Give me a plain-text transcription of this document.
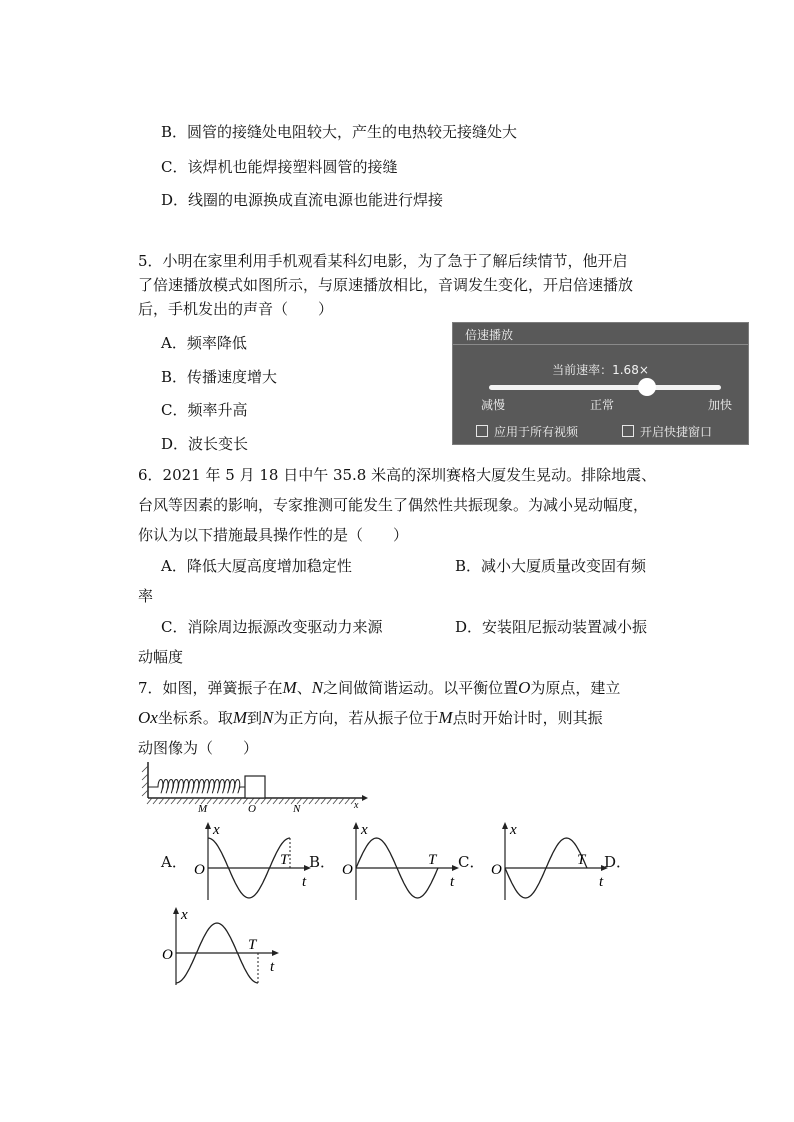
B．圆管的接缝处电阻较大，产生的电热较无接缝处大
C．该焊机也能焊接塑料圆管的接缝
D．线圈的电源换成直流电源也能进行焊接
5．小明在家里利用手机观看某科幻电影，为了急于了解后续情节，他开启
了倍速播放模式如图所示，与原速播放相比，音调发生变化，开启倍速播放
后，手机发出的声音（　　）
A．频率降低
B．传播速度增大
C．频率升高
D．波长变长
倍速播放
当前速率：1.68×
减慢	正常	加快
应用于所有视频	开启快捷窗口
6．2021 年 5 月 18 日中午 35.8 米高的深圳赛格大厦发生晃动。排除地震、
台风等因素的影响，专家推测可能发生了偶然性共振现象。为减小晃动幅度，
你认为以下措施最具操作性的是（　　）
A．降低大厦高度增加稳定性	B．减小大厦质量改变固有频
率
C．消除周边振源改变驱动力来源	D．安装阻尼振动装置减小振
动幅度
7．如图，弹簧振子在M、N之间做简谐运动。以平衡位置O为原点，建立
Ox坐标系。取M到N为正方向，若从振子位于M点时开始计时，则其振
动图像为（　　）
M	O	N	x
A．
x
O
T
t
B．
x
O
T
t
C．
x
O
T
t
D．
x
O
T
t
